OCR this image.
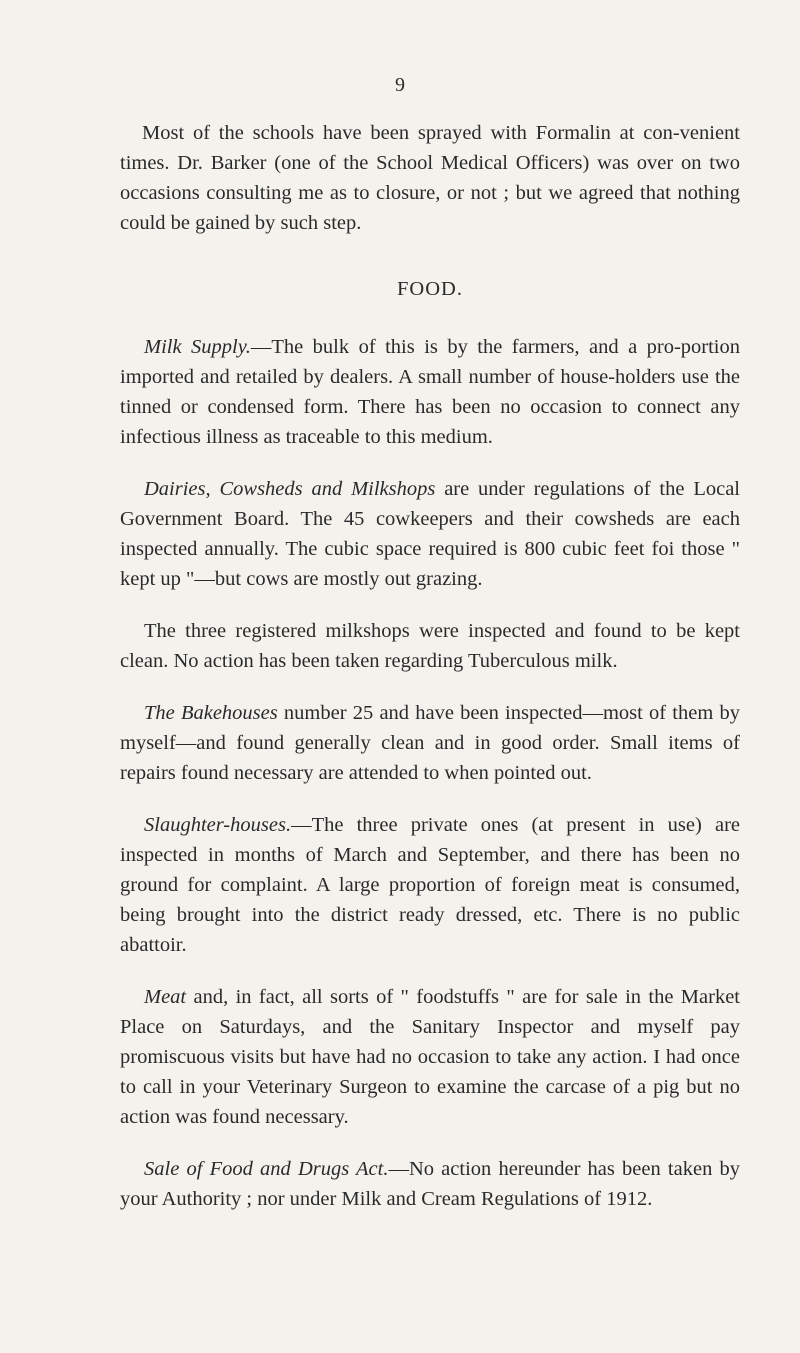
9

Most of the schools have been sprayed with Formalin at con-venient times. Dr. Barker (one of the School Medical Officers) was over on two occasions consulting me as to closure, or not ; but we agreed that nothing could be gained by such step.

FOOD.

Milk Supply.—The bulk of this is by the farmers, and a pro-portion imported and retailed by dealers. A small number of house-holders use the tinned or condensed form. There has been no occasion to connect any infectious illness as traceable to this medium.

Dairies, Cowsheds and Milkshops are under regulations of the Local Government Board. The 45 cowkeepers and their cowsheds are each inspected annually. The cubic space required is 800 cubic feet foi those " kept up "—but cows are mostly out grazing.

The three registered milkshops were inspected and found to be kept clean. No action has been taken regarding Tuberculous milk.

The Bakehouses number 25 and have been inspected—most of them by myself—and found generally clean and in good order. Small items of repairs found necessary are attended to when pointed out.

Slaughter-houses.—The three private ones (at present in use) are inspected in months of March and September, and there has been no ground for complaint. A large proportion of foreign meat is consumed, being brought into the district ready dressed, etc. There is no public abattoir.

Meat and, in fact, all sorts of " foodstuffs " are for sale in the Market Place on Saturdays, and the Sanitary Inspector and myself pay promiscuous visits but have had no occasion to take any action. I had once to call in your Veterinary Surgeon to examine the carcase of a pig but no action was found necessary.

Sale of Food and Drugs Act.—No action hereunder has been taken by your Authority ; nor under Milk and Cream Regulations of 1912.
